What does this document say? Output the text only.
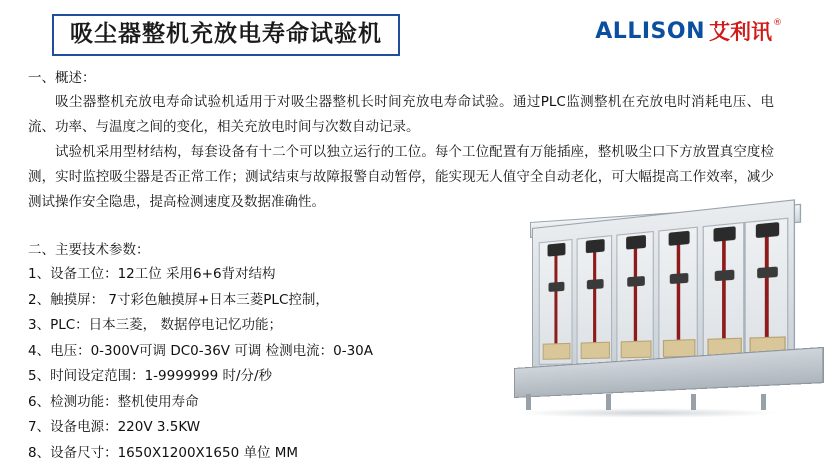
吸尘器整机充放电寿命试验机	ALLISON 艾利讯 ®
一、概述：
吸尘器整机充放电寿命试验机适用于对吸尘器整机长时间充放电寿命试验。通过PLC监测整机在充放电时消耗电压、电流、功率、与温度之间的变化，相关充放电时间与次数自动记录。
试验机采用型材结构，每套设备有十二个可以独立运行的工位。每个工位配置有万能插座，整机吸尘口下方放置真空度检测，实时监控吸尘器是否正常工作；测试结束与故障报警自动暂停，能实现无人值守全自动老化，可大幅提高工作效率，减少测试操作安全隐患，提高检测速度及数据准确性。
二、主要技术参数：
1、设备工位：12工位 采用6+6背对结构
2、触摸屏： 7寸彩色触摸屏+日本三菱PLC控制，
3、PLC：日本三菱， 数据停电记忆功能；
4、电压：0-300V可调 DC0-36V 可调 检测电流：0-30A
5、时间设定范围：1-9999999 时/分/秒
6、检测功能：整机使用寿命
7、设备电源：220V 3.5KW
8、设备尺寸：1650X1200X1650 单位 MM
